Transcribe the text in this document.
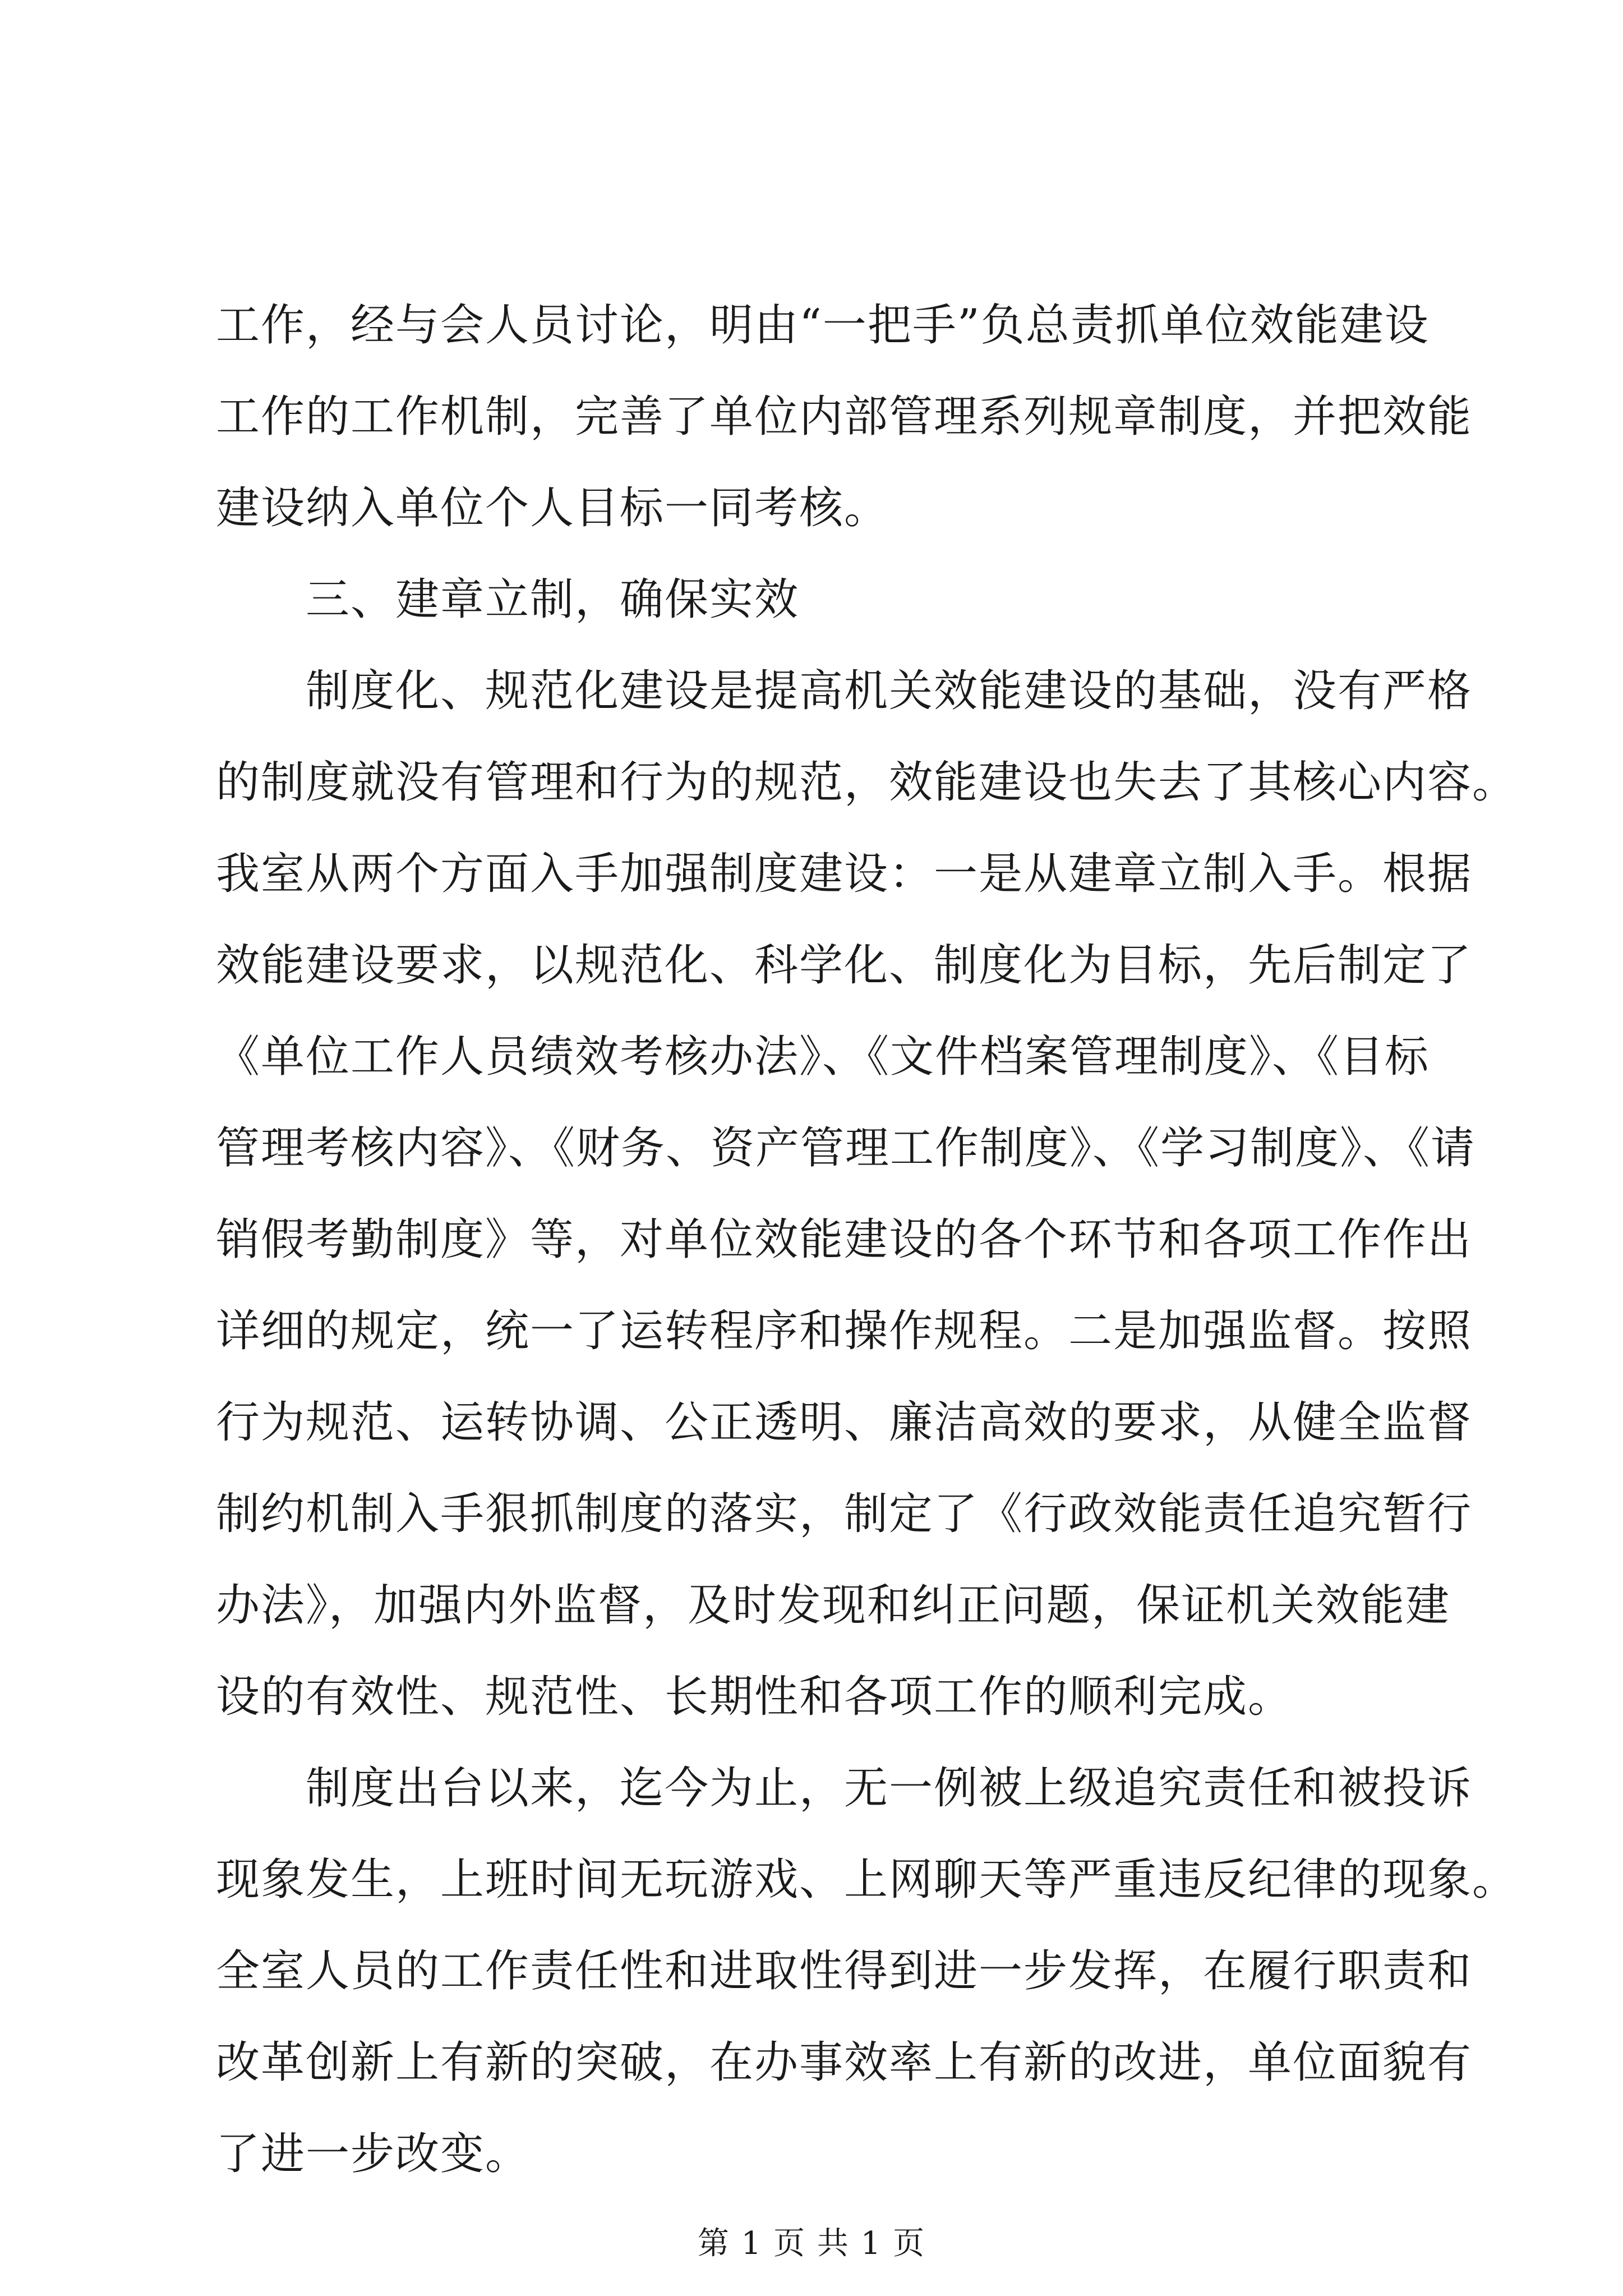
工作，经与会人员讨论，明由“一把手”负总责抓单位效能建设
工作的工作机制，完善了单位内部管理系列规章制度，并把效能
建设纳入单位个人目标一同考核。
三、建章立制，确保实效
制度化、规范化建设是提高机关效能建设的基础，没有严格
的制度就没有管理和行为的规范，效能建设也失去了其核心内容。
我室从两个方面入手加强制度建设：一是从建章立制入手。根据
效能建设要求，以规范化、科学化、制度化为目标，先后制定了
《单位工作人员绩效考核办法》、《文件档案管理制度》、《目标
管理考核内容》、《财务、资产管理工作制度》、《学习制度》、《请
销假考勤制度》等，对单位效能建设的各个环节和各项工作作出
详细的规定，统一了运转程序和操作规程。二是加强监督。按照
行为规范、运转协调、公正透明、廉洁高效的要求，从健全监督
制约机制入手狠抓制度的落实，制定了《行政效能责任追究暂行
办法》，加强内外监督，及时发现和纠正问题，保证机关效能建
设的有效性、规范性、长期性和各项工作的顺利完成。
制度出台以来，迄今为止，无一例被上级追究责任和被投诉
现象发生，上班时间无玩游戏、上网聊天等严重违反纪律的现象。
全室人员的工作责任性和进取性得到进一步发挥，在履行职责和
改革创新上有新的突破，在办事效率上有新的改进，单位面貌有
了进一步改变。
第 1 页 共 1 页
